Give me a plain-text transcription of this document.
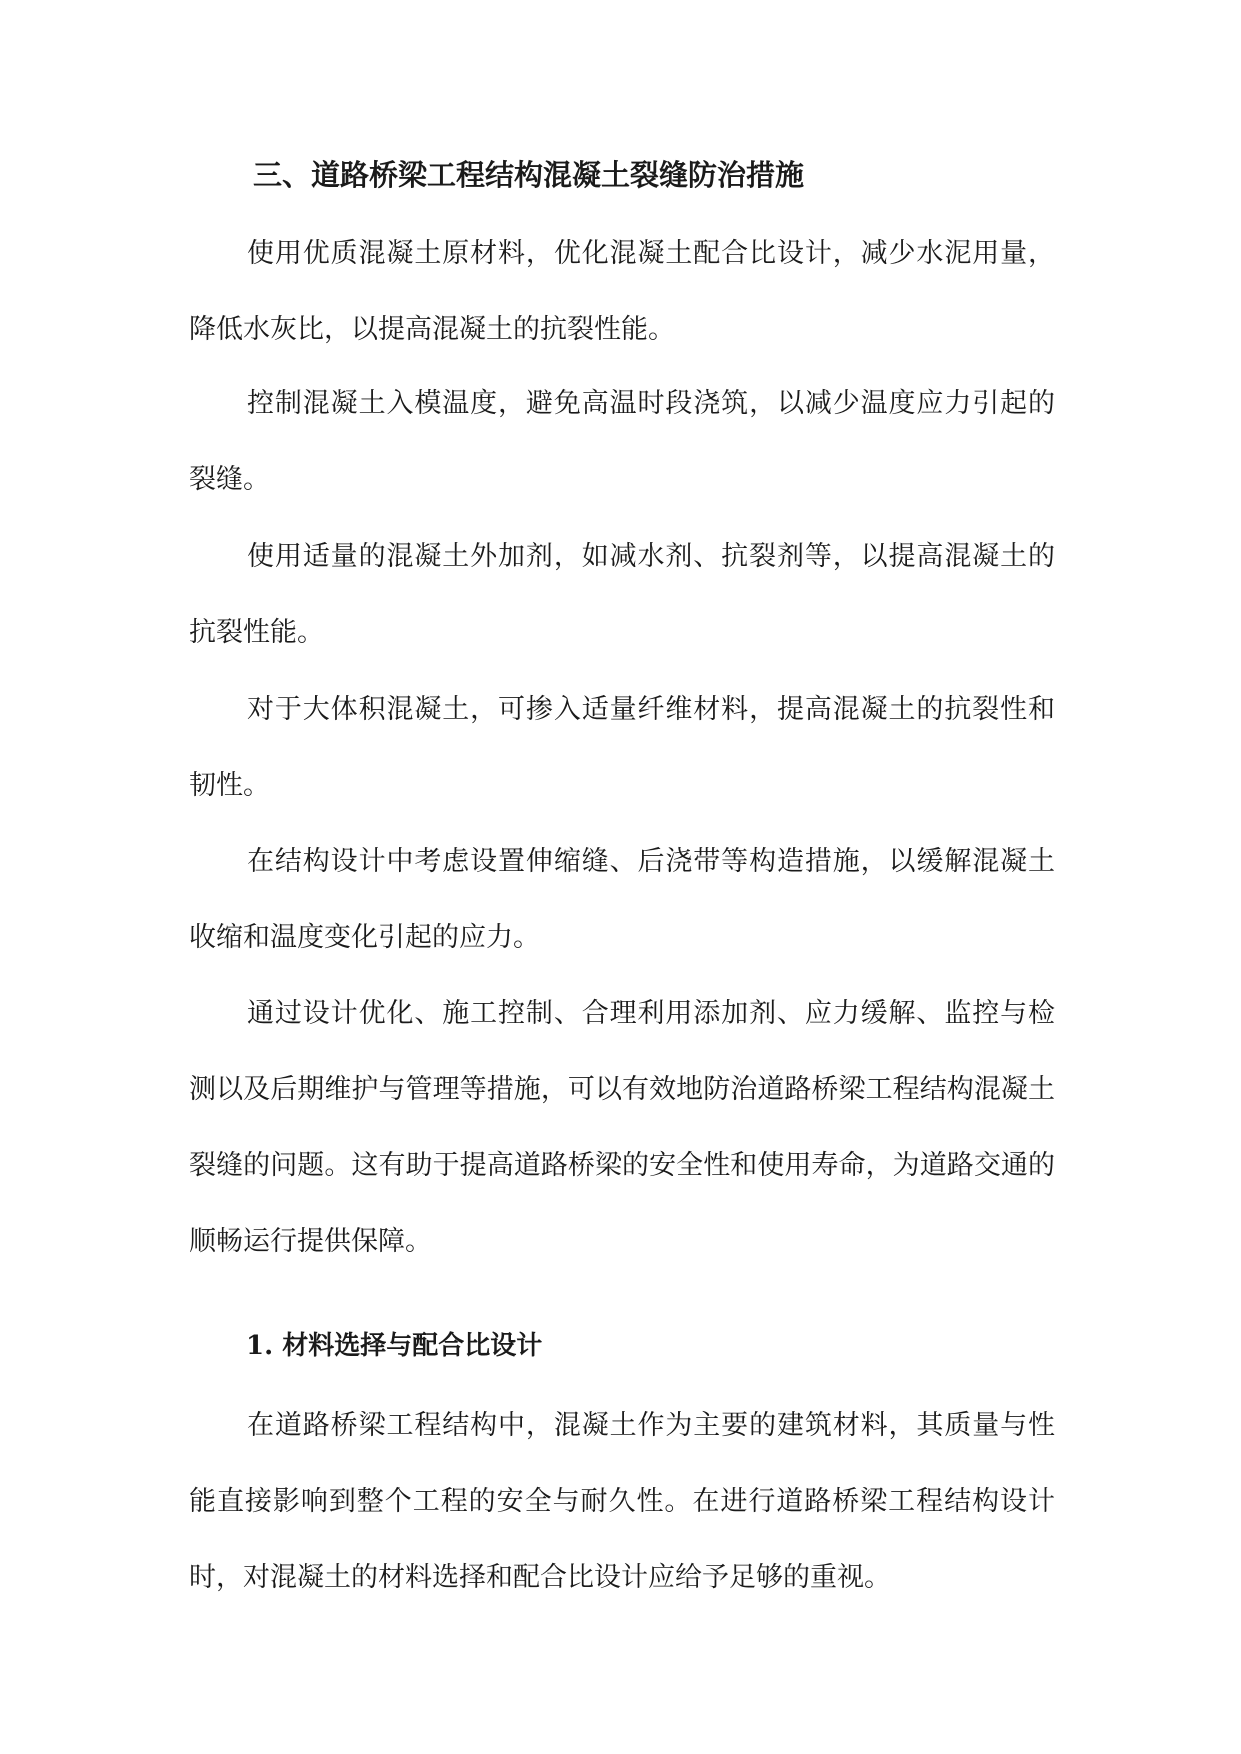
三、道路桥梁工程结构混凝土裂缝防治措施

使用优质混凝土原材料，优化混凝土配合比设计，减少水泥用量，降低水灰比，以提高混凝土的抗裂性能。

控制混凝土入模温度，避免高温时段浇筑，以减少温度应力引起的裂缝。

使用适量的混凝土外加剂，如减水剂、抗裂剂等，以提高混凝土的抗裂性能。

对于大体积混凝土，可掺入适量纤维材料，提高混凝土的抗裂性和韧性。

在结构设计中考虑设置伸缩缝、后浇带等构造措施，以缓解混凝土收缩和温度变化引起的应力。

通过设计优化、施工控制、合理利用添加剂、应力缓解、监控与检测以及后期维护与管理等措施，可以有效地防治道路桥梁工程结构混凝土裂缝的问题。这有助于提高道路桥梁的安全性和使用寿命，为道路交通的顺畅运行提供保障。

1. 材料选择与配合比设计

在道路桥梁工程结构中，混凝土作为主要的建筑材料，其质量与性能直接影响到整个工程的安全与耐久性。在进行道路桥梁工程结构设计时，对混凝土的材料选择和配合比设计应给予足够的重视。
